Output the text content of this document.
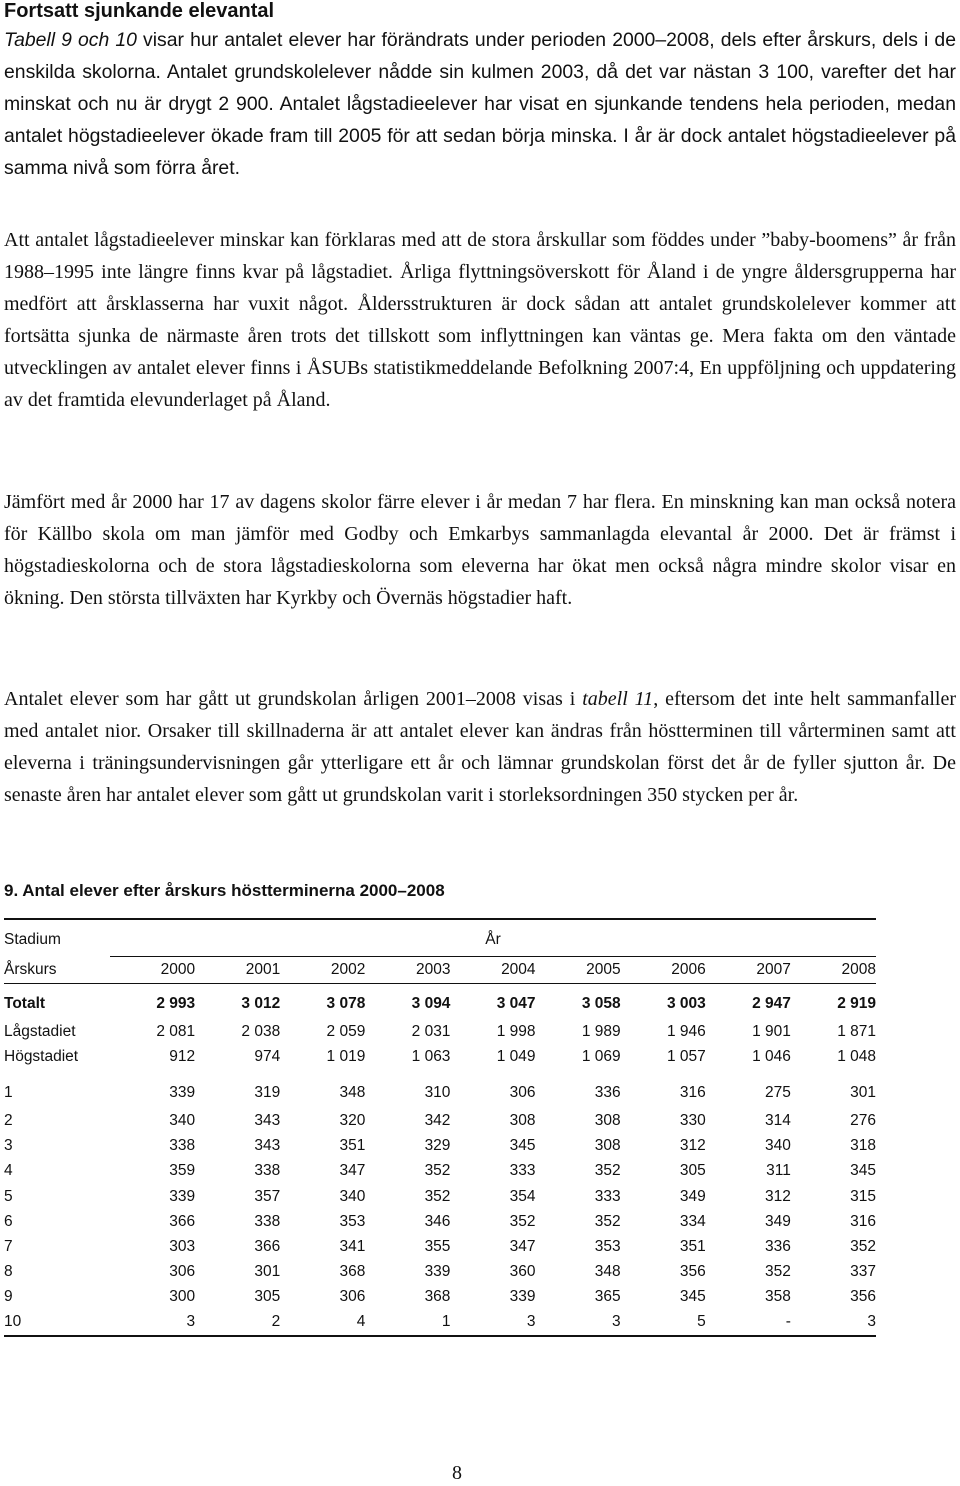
Fortsatt sjunkande elevantal

Tabell 9 och 10 visar hur antalet elever har förändrats under perioden 2000–2008, dels efter årskurs, dels i de enskilda skolorna. Antalet grundskolelever nådde sin kulmen 2003, då det var nästan 3 100, varefter det har minskat och nu är drygt 2 900. Antalet lågstadieelever har visat en sjunkande tendens hela perioden, medan antalet högstadieelever ökade fram till 2005 för att sedan börja minska. I år är dock antalet högstadieelever på samma nivå som förra året.

Att antalet lågstadieelever minskar kan förklaras med att de stora årskullar som föddes under ”baby-boomens” år från 1988–1995 inte längre finns kvar på lågstadiet. Årliga flyttningsöverskott för Åland i de yngre åldersgrupperna har medfört att årsklasserna har vuxit något. Åldersstrukturen är dock sådan att antalet grundskolelever kommer att fortsätta sjunka de närmaste åren trots det tillskott som inflyttningen kan väntas ge. Mera fakta om den väntade utvecklingen av antalet elever finns i ÅSUBs statistikmeddelande Befolkning 2007:4, En uppföljning och uppdatering av det framtida elevunderlaget på Åland.

Jämfört med år 2000 har 17 av dagens skolor färre elever i år medan 7 har flera. En minskning kan man också notera för Källbo skola om man jämför med Godby och Emkarbys sammanlagda elevantal år 2000. Det är främst i högstadieskolorna och de stora lågstadieskolorna som eleverna har ökat men också några mindre skolor visar en ökning. Den största tillväxten har Kyrkby och Övernäs högstadier haft.

Antalet elever som har gått ut grundskolan årligen 2001–2008 visas i tabell 11, eftersom det inte helt sammanfaller med antalet nior. Orsaker till skillnaderna är att antalet elever kan ändras från höstterminen till vårterminen samt att eleverna i träningsundervisningen går ytterligare ett år och lämnar grundskolan först det år de fyller sjutton år. De senaste åren har antalet elever som gått ut grundskolan varit i storleksordningen 350 stycken per år.

9. Antal elever efter årskurs höstterminerna 2000–2008
Stadium	År								
Årskurs	2000	2001	2002	2003	2004	2005	2006	2007	2008
Totalt	2 993	3 012	3 078	3 094	3 047	3 058	3 003	2 947	2 919
Lågstadiet	2 081	2 038	2 059	2 031	1 998	1 989	1 946	1 901	1 871
Högstadiet	912	974	1 019	1 063	1 049	1 069	1 057	1 046	1 048
1	339	319	348	310	306	336	316	275	301
2	340	343	320	342	308	308	330	314	276
3	338	343	351	329	345	308	312	340	318
4	359	338	347	352	333	352	305	311	345
5	339	357	340	352	354	333	349	312	315
6	366	338	353	346	352	352	334	349	316
7	303	366	341	355	347	353	351	336	352
8	306	301	368	339	360	348	356	352	337
9	300	305	306	368	339	365	345	358	356
10	3	2	4	1	3	3	5	-	3
8
